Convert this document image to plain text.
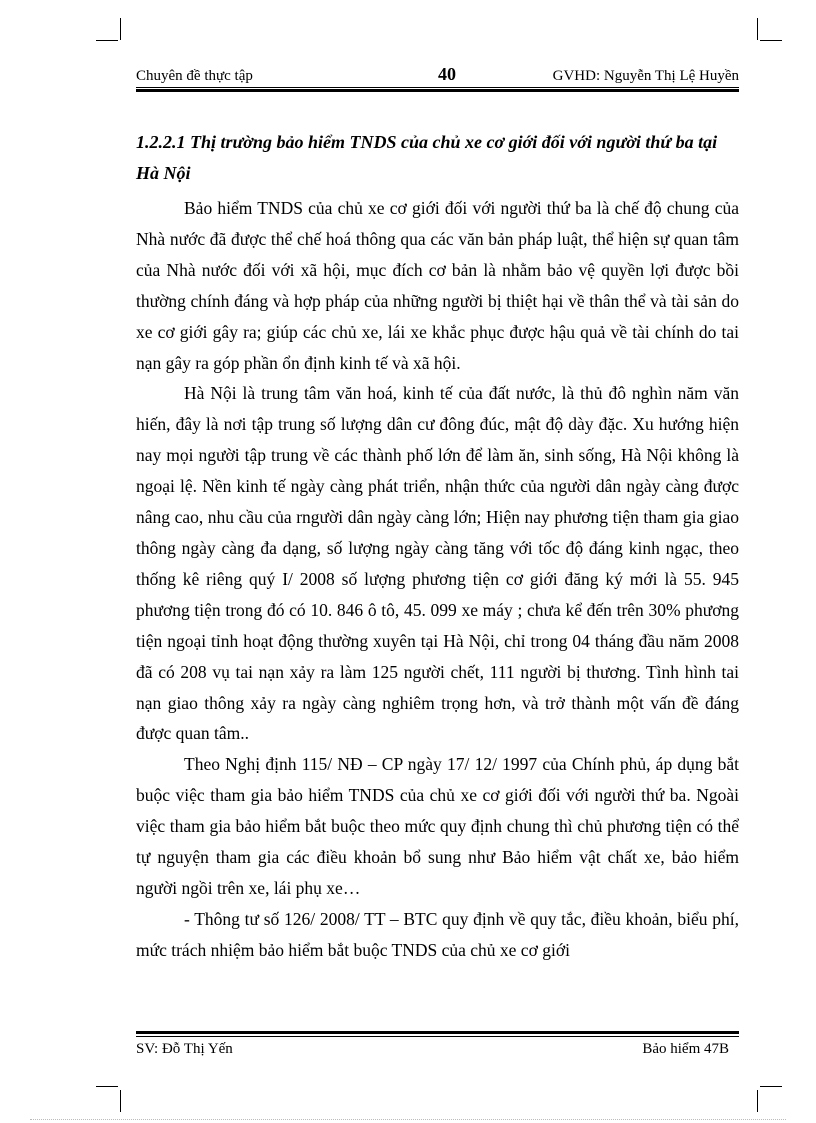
Chuyên đề thực tập	40	GVHD: Nguyễn Thị Lệ Huyền

1.2.2.1 Thị trường bảo hiểm TNDS của chủ xe cơ giới đối với người thứ ba tại Hà Nội

Bảo hiểm TNDS của chủ xe cơ giới đối với người thứ ba là chế độ chung của Nhà nước đã được thể chế hoá thông qua các văn bản pháp luật, thể hiện sự quan tâm của Nhà nước đối với xã hội, mục đích cơ bản là nhằm bảo vệ quyền lợi được bồi thường chính đáng và hợp pháp của những người bị thiệt hại về thân thể và tài sản do xe cơ giới gây ra; giúp các chủ xe, lái xe khắc phục được hậu quả về tài chính do tai nạn gây ra góp phần ổn định kinh tế và xã hội.

Hà Nội là trung tâm văn hoá, kinh tế của đất nước, là thủ đô nghìn năm văn hiến, đây là nơi tập trung số lượng dân cư đông đúc, mật độ dày đặc. Xu hướng hiện nay mọi người tập trung về các thành phố lớn để làm ăn, sinh sống, Hà Nội không là ngoại lệ. Nền kinh tế ngày càng phát triển, nhận thức của người dân ngày càng được nâng cao, nhu cầu của rngười dân ngày càng lớn; Hiện nay phương tiện tham gia giao thông ngày càng đa dạng, số lượng ngày càng tăng với tốc độ đáng kinh ngạc, theo thống kê riêng quý I/ 2008 số lượng phương tiện cơ giới đăng ký mới là 55. 945 phương tiện trong đó có 10. 846 ô tô, 45. 099 xe máy ; chưa kể đến trên 30% phương tiện ngoại tỉnh hoạt động thường xuyên tại Hà Nội, chỉ trong 04 tháng đầu năm 2008 đã có 208 vụ tai nạn xảy ra làm 125 người chết, 111 người bị thương. Tình hình tai nạn giao thông xảy ra ngày càng nghiêm trọng hơn, và trở thành một vấn đề đáng được quan tâm..

Theo Nghị định 115/ NĐ – CP ngày 17/ 12/ 1997 của Chính phủ, áp dụng bắt buộc việc tham gia bảo hiểm TNDS của chủ xe cơ giới đối với người thứ ba. Ngoài việc tham gia bảo hiểm bắt buộc theo mức quy định chung thì chủ phương tiện có thể tự nguyện tham gia các điều khoản bổ sung như Bảo hiểm vật chất xe, bảo hiểm người ngồi trên xe, lái phụ xe…

- Thông tư số 126/ 2008/ TT – BTC quy định về quy tắc, điều khoản, biểu phí, mức trách nhiệm bảo hiểm bắt buộc TNDS của chủ xe cơ giới

SV: Đỗ Thị Yến	Bảo hiểm 47B
